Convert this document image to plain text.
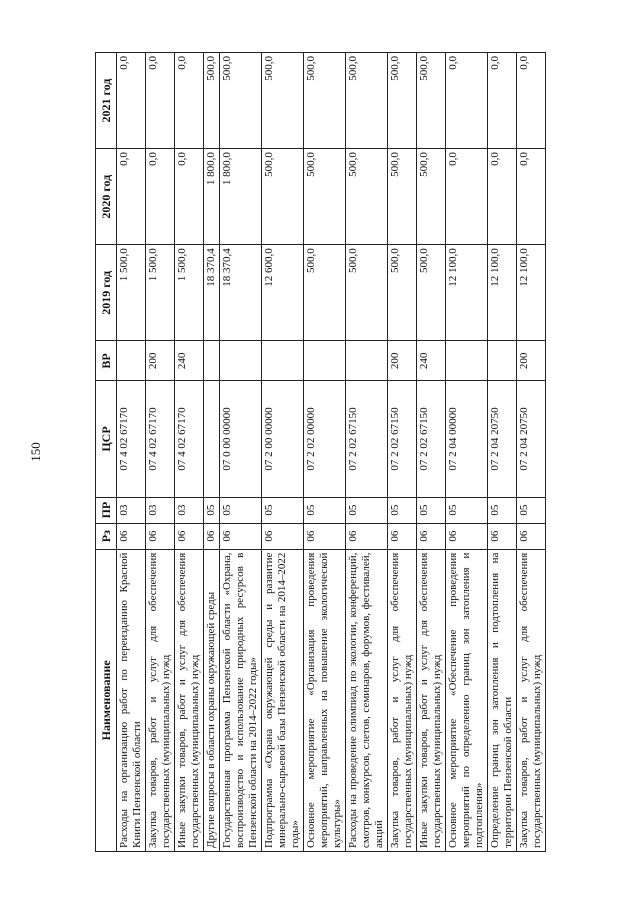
150
Наименование	Рз	ПР	ЦСР	ВР	2019 год	2020 год	2021 год
Расходы на организацию работ по переизданию Красной Книги Пензенской области	06	03	07 4 02 67170		1 500,0	0,0	0,0
Закупка товаров, работ и услуг для обеспечения государственных (муниципальных) нужд	06	03	07 4 02 67170	200	1 500,0	0,0	0,0
Иные закупки товаров, работ и услуг для обеспечения государственных (муниципальных) нужд	06	03	07 4 02 67170	240	1 500,0	0,0	0,0
Другие вопросы в области охраны окружающей среды	06	05			18 370,4	1 800,0	500,0
Государственная программа Пензенской области «Охрана, воспроизводство и использование природных ресурсов в Пензенской области на 2014–2022 годы»	06	05	07 0 00 00000		18 370,4	1 800,0	500,0
Подпрограмма «Охрана окружающей среды и развитие минерально-сырьевой базы Пензенской области на 2014–2022 годы»	06	05	07 2 00 00000		12 600,0	500,0	500,0
Основное мероприятие «Организация проведения мероприятий, направленных на повышение экологической культуры»	06	05	07 2 02 00000		500,0	500,0	500,0
Расходы на проведение олимпиад по экологии, конференций, смотров, конкурсов, слетов, семинаров, форумов, фестивалей, акций	06	05	07 2 02 67150		500,0	500,0	500,0
Закупка товаров, работ и услуг для обеспечения государственных (муниципальных) нужд	06	05	07 2 02 67150	200	500,0	500,0	500,0
Иные закупки товаров, работ и услуг для обеспечения государственных (муниципальных) нужд	06	05	07 2 02 67150	240	500,0	500,0	500,0
Основное мероприятие «Обеспечение проведения мероприятий по определению границ зон затопления и подтопления»	06	05	07 2 04 00000		12 100,0	0,0	0,0
Определение границ зон затопления и подтопления на территории Пензенской области	06	05	07 2 04 20750		12 100,0	0,0	0,0
Закупка товаров, работ и услуг для обеспечения государственных (муниципальных) нужд	06	05	07 2 04 20750	200	12 100,0	0,0	0,0
